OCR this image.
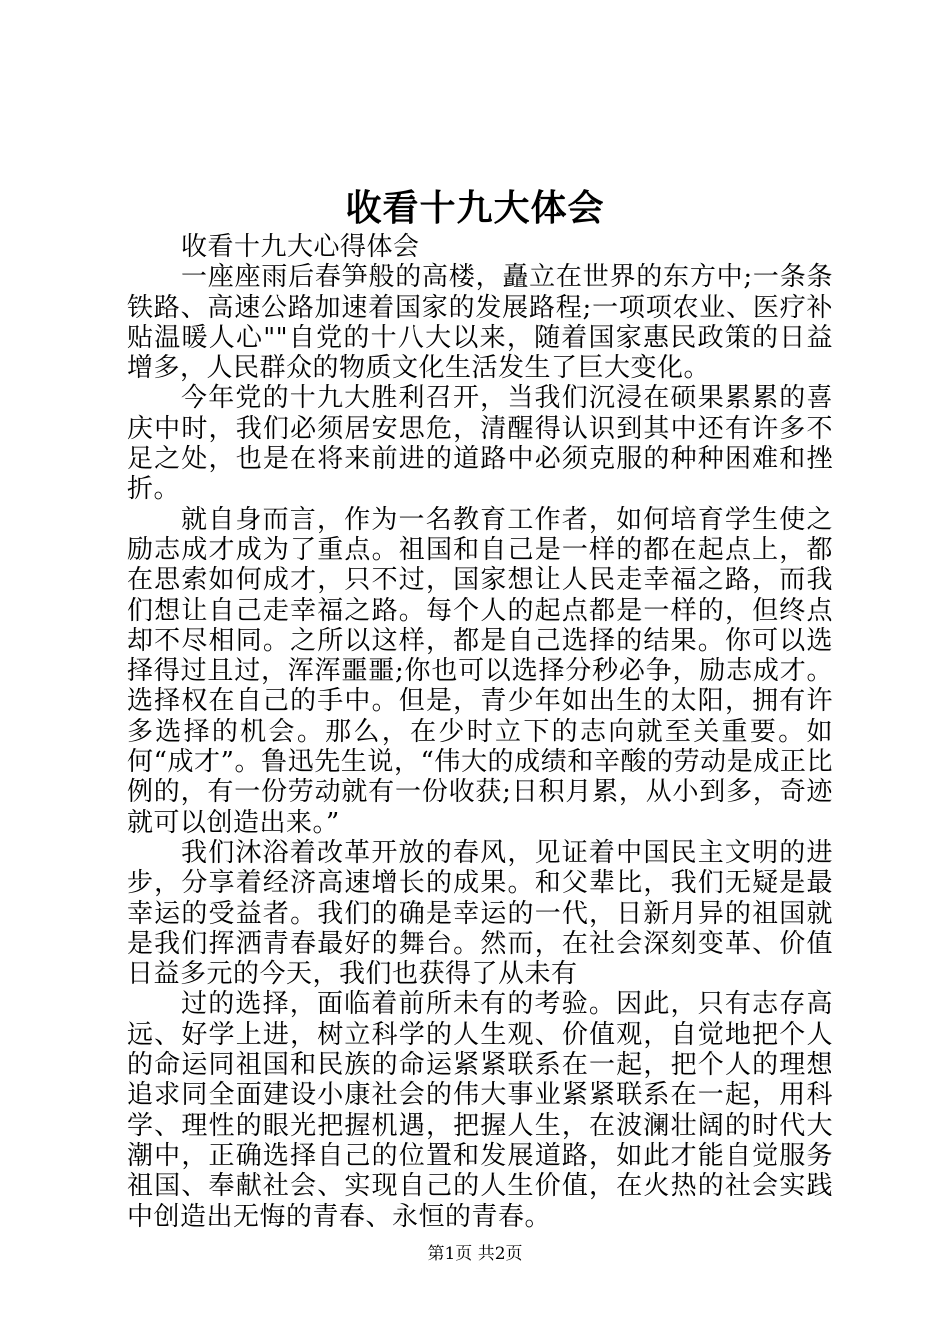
收看十九大体会

收看十九大心得体会

一座座雨后春笋般的高楼，矗立在世界的东方中;一条条铁路、高速公路加速着国家的发展路程;一项项农业、医疗补贴温暖人心""自党的十八大以来，随着国家惠民政策的日益增多，人民群众的物质文化生活发生了巨大变化。

今年党的十九大胜利召开，当我们沉浸在硕果累累的喜庆中时，我们必须居安思危，清醒得认识到其中还有许多不足之处，也是在将来前进的道路中必须克服的种种困难和挫折。

就自身而言，作为一名教育工作者，如何培育学生使之励志成才成为了重点。祖国和自己是一样的都在起点上，都在思索如何成才，只不过，国家想让人民走幸福之路，而我们想让自己走幸福之路。每个人的起点都是一样的，但终点却不尽相同。之所以这样，都是自己选择的结果。你可以选择得过且过，浑浑噩噩;你也可以选择分秒必争，励志成才。选择权在自己的手中。但是，青少年如出生的太阳，拥有许多选择的机会。那么，在少时立下的志向就至关重要。如何“成才”。鲁迅先生说，“伟大的成绩和辛酸的劳动是成正比例的，有一份劳动就有一份收获;日积月累，从小到多，奇迹就可以创造出来。”

我们沐浴着改革开放的春风，见证着中国民主文明的进步，分享着经济高速增长的成果。和父辈比，我们无疑是最幸运的受益者。我们的确是幸运的一代，日新月异的祖国就是我们挥洒青春最好的舞台。然而，在社会深刻变革、价值日益多元的今天，我们也获得了从未有

过的选择，面临着前所未有的考验。因此，只有志存高远、好学上进，树立科学的人生观、价值观，自觉地把个人的命运同祖国和民族的命运紧紧联系在一起，把个人的理想追求同全面建设小康社会的伟大事业紧紧联系在一起，用科学、理性的眼光把握机遇，把握人生，在波澜壮阔的时代大潮中，正确选择自己的位置和发展道路，如此才能自觉服务祖国、奉献社会、实现自己的人生价值，在火热的社会实践中创造出无悔的青春、永恒的青春。

第1页 共2页
